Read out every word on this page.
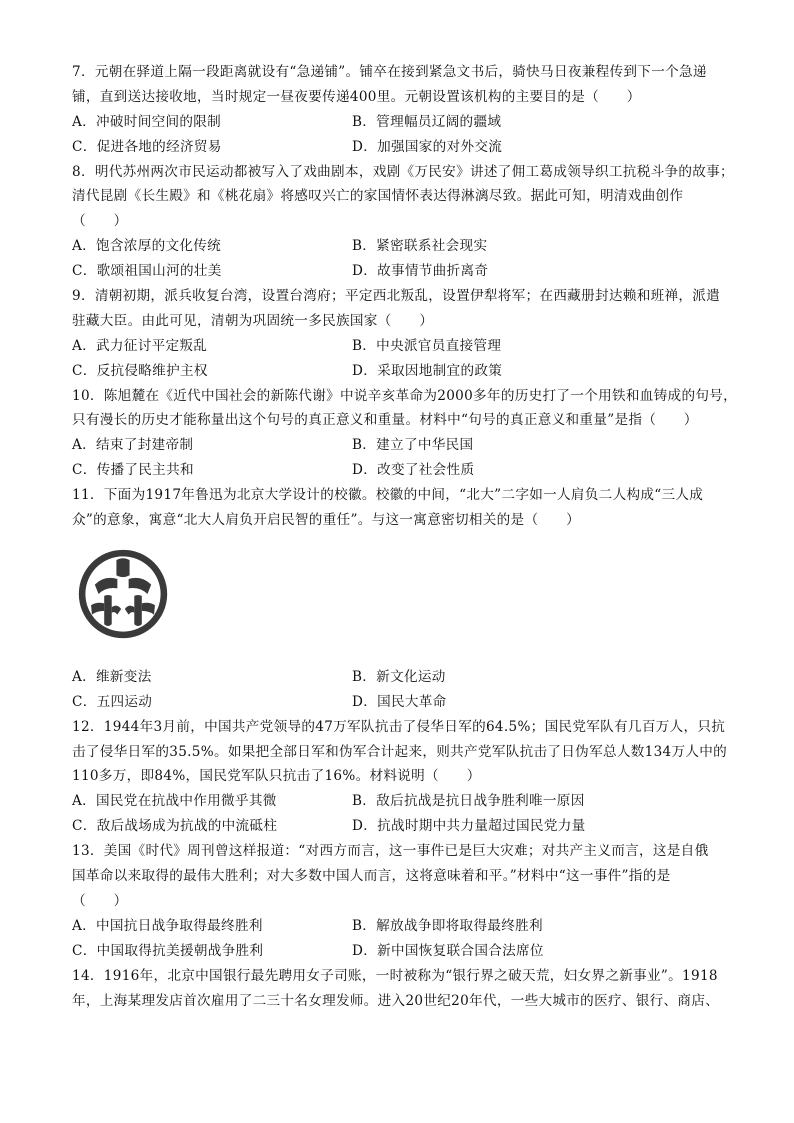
7．元朝在驿道上隔一段距离就设有“急递铺”。铺卒在接到紧急文书后，骑快马日夜兼程传到下一个急递
铺，直到送达接收地，当时规定一昼夜要传递400里。元朝设置该机构的主要目的是（　　）
A．冲破时间空间的限制	B．管理幅员辽阔的疆域
C．促进各地的经济贸易	D．加强国家的对外交流
8．明代苏州两次市民运动都被写入了戏曲剧本，戏剧《万民安》讲述了佣工葛成领导织工抗税斗争的故事；
清代昆剧《长生殿》和《桃花扇》将感叹兴亡的家国情怀表达得淋漓尽致。据此可知，明清戏曲创作
（　　）
A．饱含浓厚的文化传统	B．紧密联系社会现实
C．歌颂祖国山河的壮美	D．故事情节曲折离奇
9．清朝初期，派兵收复台湾，设置台湾府；平定西北叛乱，设置伊犁将军；在西藏册封达赖和班禅，派遣
驻藏大臣。由此可见，清朝为巩固统一多民族国家（　　）
A．武力征讨平定叛乱	B．中央派官员直接管理
C．反抗侵略维护主权	D．采取因地制宜的政策
10．陈旭麓在《近代中国社会的新陈代谢》中说辛亥革命为2000多年的历史打了一个用铁和血铸成的句号，
只有漫长的历史才能称量出这个句号的真正意义和重量。材料中“句号的真正意义和重量”是指（　　）
A．结束了封建帝制	B．建立了中华民国
C．传播了民主共和	D．改变了社会性质
11．下面为1917年鲁迅为北京大学设计的校徽。校徽的中间，“北大”二字如一人肩负二人构成“三人成
众”的意象，寓意“北大人肩负开启民智的重任”。与这一寓意密切相关的是（　　）
A．维新变法	B．新文化运动
C．五四运动	D．国民大革命
12．1944年3月前，中国共产党领导的47万军队抗击了侵华日军的64.5%；国民党军队有几百万人，只抗
击了侵华日军的35.5%。如果把全部日军和伪军合计起来，则共产党军队抗击了日伪军总人数134万人中的
110多万，即84%，国民党军队只抗击了16%。材料说明（　　）
A．国民党在抗战中作用微乎其微	B．敌后抗战是抗日战争胜利唯一原因
C．敌后战场成为抗战的中流砥柱	D．抗战时期中共力量超过国民党力量
13．美国《时代》周刊曾这样报道：“对西方而言，这一事件已是巨大灾难；对共产主义而言，这是自俄
国革命以来取得的最伟大胜利；对大多数中国人而言，这将意味着和平。”材料中“这一事件”指的是
（　　）
A．中国抗日战争取得最终胜利	B．解放战争即将取得最终胜利
C．中国取得抗美援朝战争胜利	D．新中国恢复联合国合法席位
14．1916年，北京中国银行最先聘用女子司账，一时被称为“银行界之破天荒，妇女界之新事业”。1918
年，上海某理发店首次雇用了二三十名女理发师。进入20世纪20年代，一些大城市的医疗、银行、商店、
